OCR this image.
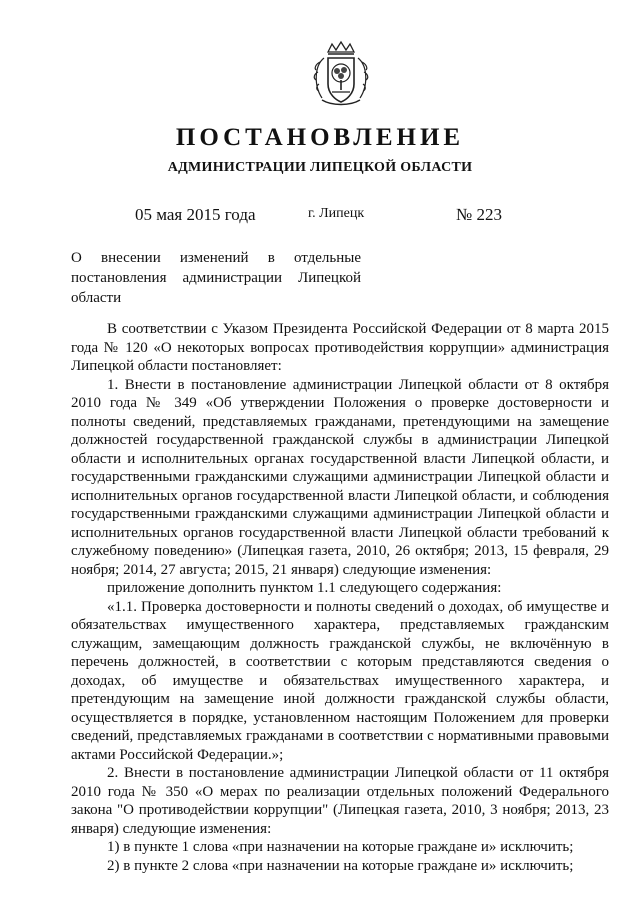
ПОСТАНОВЛЕНИЕ
АДМИНИСТРАЦИИ ЛИПЕЦКОЙ ОБЛАСТИ
05 мая 2015 года	г. Липецк	№ 223
О внесении изменений в отдельные постановления администрации Липецкой области

В соответствии с Указом Президента Российской Федерации от 8 марта 2015 года № 120 «О некоторых вопросах противодействия коррупции» администрация Липецкой области постановляет:

1. Внести в постановление администрации Липецкой области от 8 октября 2010 года № 349 «Об утверждении Положения о проверке достоверности и полноты сведений, представляемых гражданами, претендующими на замещение должностей государственной гражданской службы в администрации Липецкой области и исполнительных органах государственной власти Липецкой области, и государственными гражданскими служащими администрации Липецкой области и исполнительных органов государственной власти Липецкой области, и соблюдения государственными гражданскими служащими администрации Липецкой области и исполнительных органов государственной власти Липецкой области требований к служебному поведению» (Липецкая газета, 2010, 26 октября; 2013, 15 февраля, 29 ноября; 2014, 27 августа; 2015, 21 января) следующие изменения:

приложение дополнить пунктом 1.1 следующего содержания:

«1.1. Проверка достоверности и полноты сведений о доходах, об имуществе и обязательствах имущественного характера, представляемых гражданским служащим, замещающим должность гражданской службы, не включённую в перечень должностей, в соответствии с которым представляются сведения о доходах, об имуществе и обязательствах имущественного характера, и претендующим на замещение иной должности гражданской службы области, осуществляется в порядке, установленном настоящим Положением для проверки сведений, представляемых гражданами в соответствии с нормативными правовыми актами Российской Федерации.»;

2. Внести в постановление администрации Липецкой области от 11 октября 2010 года № 350 «О мерах по реализации отдельных положений Федерального закона "О противодействии коррупции" (Липецкая газета, 2010, 3 ноября; 2013, 23 января) следующие изменения:

1) в пункте 1 слова «при назначении на которые граждане и» исключить;

2) в пункте 2 слова «при назначении на которые граждане и» исключить;
